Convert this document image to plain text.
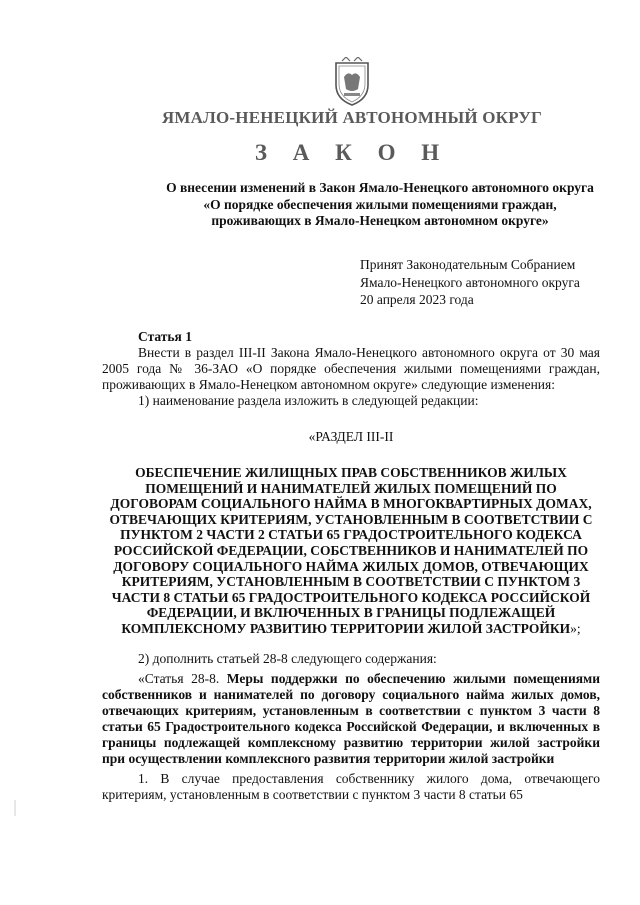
ЯМАЛО-НЕНЕЦКИЙ АВТОНОМНЫЙ ОКРУГ
З А К О Н
О внесении изменений в Закон Ямало-Ненецкого автономного округа
«О порядке обеспечения жилыми помещениями граждан,
проживающих в Ямало-Ненецком автономном округе»
Принят Законодательным Собранием
Ямало-Ненецкого автономного округа
20 апреля 2023 года

Статья 1

Внести в раздел III-II Закона Ямало-Ненецкого автономного округа от 30 мая 2005 года № 36-ЗАО «О порядке обеспечения жилыми помещениями граждан, проживающих в Ямало-Ненецком автономном округе» следующие изменения:

1) наименование раздела изложить в следующей редакции:

«РАЗДЕЛ III-II

ОБЕСПЕЧЕНИЕ ЖИЛИЩНЫХ ПРАВ СОБСТВЕННИКОВ ЖИЛЫХ ПОМЕЩЕНИЙ И НАНИМАТЕЛЕЙ ЖИЛЫХ ПОМЕЩЕНИЙ ПО ДОГОВОРАМ СОЦИАЛЬНОГО НАЙМА В МНОГОКВАРТИРНЫХ ДОМАХ, ОТВЕЧАЮЩИХ КРИТЕРИЯМ, УСТАНОВЛЕННЫМ В СООТВЕТСТВИИ С ПУНКТОМ 2 ЧАСТИ 2 СТАТЬИ 65 ГРАДОСТРОИТЕЛЬНОГО КОДЕКСА РОССИЙСКОЙ ФЕДЕРАЦИИ, СОБСТВЕННИКОВ И НАНИМАТЕЛЕЙ ПО ДОГОВОРУ СОЦИАЛЬНОГО НАЙМА ЖИЛЫХ ДОМОВ, ОТВЕЧАЮЩИХ КРИТЕРИЯМ, УСТАНОВЛЕННЫМ В СООТВЕТСТВИИ С ПУНКТОМ 3 ЧАСТИ 8 СТАТЬИ 65 ГРАДОСТРОИТЕЛЬНОГО КОДЕКСА РОССИЙСКОЙ ФЕДЕРАЦИИ, И ВКЛЮЧЕННЫХ В ГРАНИЦЫ ПОДЛЕЖАЩЕЙ КОМПЛЕКСНОМУ РАЗВИТИЮ ТЕРРИТОРИИ ЖИЛОЙ ЗАСТРОЙКИ»;

2) дополнить статьей 28-8 следующего содержания:

«Статья 28-8. Меры поддержки по обеспечению жилыми помещениями собственников и нанимателей по договору социального найма жилых домов, отвечающих критериям, установленным в соответствии с пунктом 3 части 8 статьи 65 Градостроительного кодекса Российской Федерации, и включенных в границы подлежащей комплексному развитию территории жилой застройки при осуществлении комплексного развития территории жилой застройки

1. В случае предоставления собственнику жилого дома, отвечающего критериям, установленным в соответствии с пунктом 3 части 8 статьи 65
